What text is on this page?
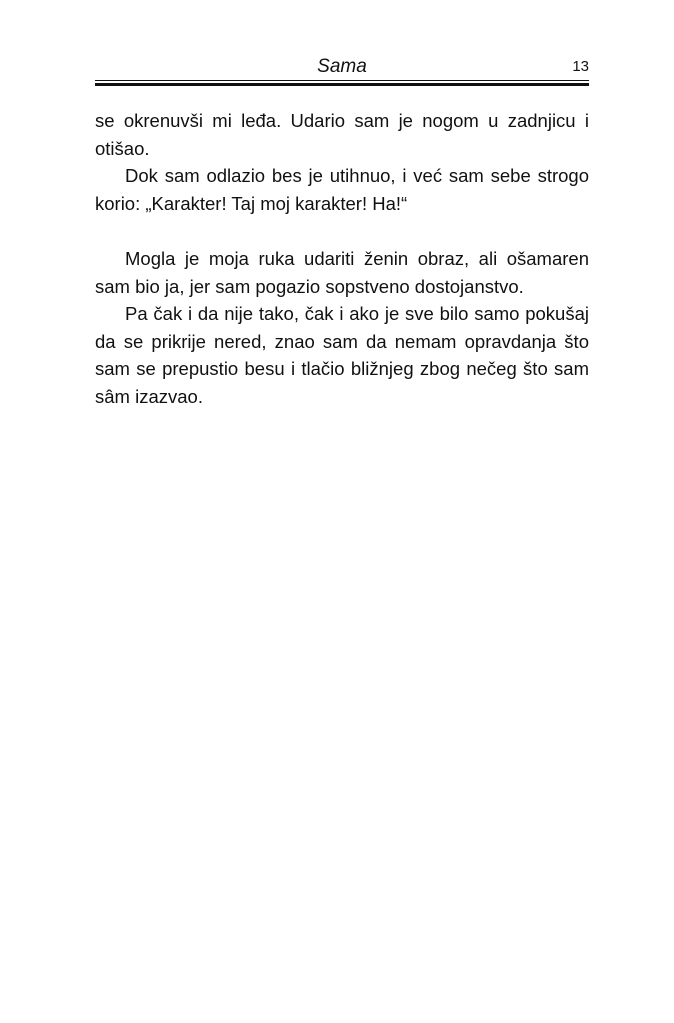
Sama	13

se okrenuvši mi leđa. Udario sam je nogom u zadnjicu i otišao.

Dok sam odlazio bes je utihnuo, i već sam sebe strogo korio: „Karakter! Taj moj karakter! Ha!“

Mogla je moja ruka udariti ženin obraz, ali ošamaren sam bio ja, jer sam pogazio sopstveno dostojanstvo.

Pa čak i da nije tako, čak i ako je sve bilo samo pokušaj da se prikrije nered, znao sam da nemam opravdanja što sam se prepustio besu i tlačio bližnjeg zbog nečeg što sam sâm izazvao.
